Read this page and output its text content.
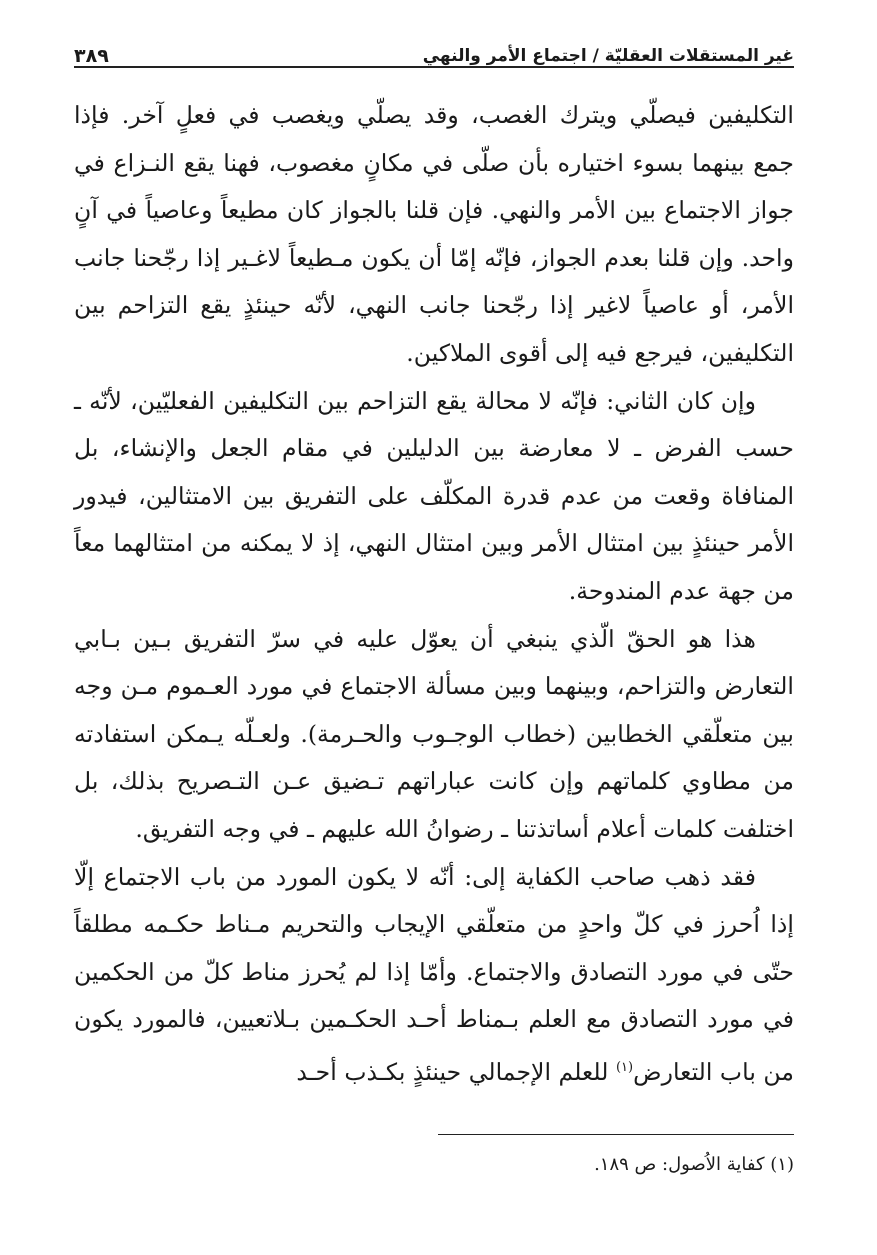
٣٨٩	غير المستقلات العقليّة / اجتماع الأمر والنهي

التكليفين فيصلّي ويترك الغصب، وقد يصلّي ويغصب في فعلٍ آخر. فإذا جمع بينهما بسوء اختياره بأن صلّى في مكانٍ مغصوب، فهنا يقع النـزاع في جواز الاجتماع بين الأمر والنهي. فإن قلنا بالجواز كان مطيعاً وعاصياً في آنٍ واحد. وإن قلنا بعدم الجواز، فإنّه إمّا أن يكون مـطيعاً لاغـير إذا رجّحنا جانب الأمر، أو عاصياً لاغير إذا رجّحنا جانب النهي، لأنّه حينئذٍ يقع التزاحم بين التكليفين، فيرجع فيه إلى أقوى الملاكين.

وإن كان الثاني: فإنّه لا محالة يقع التزاحم بين التكليفين الفعليّين، لأنّه ـ حسب الفرض ـ لا معارضة بين الدليلين في مقام الجعل والإنشاء، بل المنافاة وقعت من عدم قدرة المكلّف على التفريق بين الامتثالين، فيدور الأمر حينئذٍ بين امتثال الأمر وبين امتثال النهي، إذ لا يمكنه من امتثالهما معاً من جهة عدم المندوحة.

هذا هو الحقّ الّذي ينبغي أن يعوّل عليه في سرّ التفريق بـين بـابي التعارض والتزاحم، وبينهما وبين مسألة الاجتماع في مورد العـموم مـن وجه بين متعلّقي الخطابين (خطاب الوجـوب والحـرمة). ولعـلّه يـمكن استفادته من مطاوي كلماتهم وإن كانت عباراتهم تـضيق عـن التـصريح بذلك، بل اختلفت كلمات أعلام أساتذتنا ـ رضوانُ الله عليهم ـ في وجه التفريق.

فقد ذهب صاحب الكفاية إلى: أنّه لا يكون المورد من باب الاجتماع إلّا إذا اُحرز في كلّ واحدٍ من متعلّقي الإيجاب والتحريم مـناط حكـمه مطلقاً حتّى في مورد التصادق والاجتماع. وأمّا إذا لم يُحرز مناط كلّ من الحكمين في مورد التصادق مع العلم بـمناط أحـد الحكـمين بـلاتعيين، فالمورد يكون من باب التعارض$^{(١)}$ للعلم الإجمالي حينئذٍ بكـذب أحـد

(١) كفاية الاُصول: ص ١٨٩.
